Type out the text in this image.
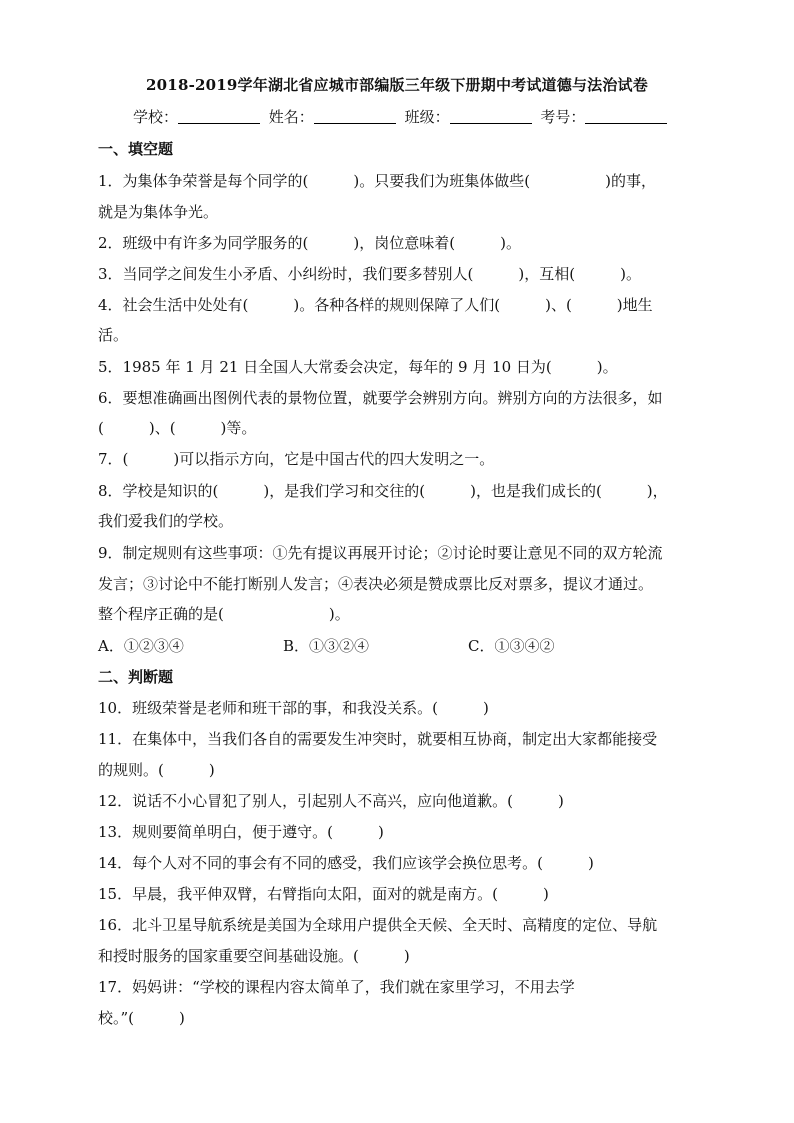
2018-2019学年湖北省应城市部编版三年级下册期中考试道德与法治试卷
学校：	姓名：	班级：	考号：
一、填空题
1．为集体争荣誉是每个同学的(　　　)。只要我们为班集体做些(　　　　　)的事，
就是为集体争光。
2．班级中有许多为同学服务的(　　　)，岗位意味着(　　　)。
3．当同学之间发生小矛盾、小纠纷时，我们要多替别人(　　　)，互相(　　　)。
4．社会生活中处处有(　　　)。各种各样的规则保障了人们(　　　)、(　　　)地生
活。
5．1985 年 1 月 21 日全国人大常委会决定，每年的 9 月 10 日为(　　　)。
6．要想准确画出图例代表的景物位置，就要学会辨别方向。辨别方向的方法很多，如
(　　　)、(　　　)等。
7．(　　　)可以指示方向，它是中国古代的四大发明之一。
8．学校是知识的(　　　)，是我们学习和交往的(　　　)，也是我们成长的(　　　)，
我们爱我们的学校。
9．制定规则有这些事项：①先有提议再展开讨论；②讨论时要让意见不同的双方轮流
发言；③讨论中不能打断别人发言；④表决必须是赞成票比反对票多，提议才通过。
整个程序正确的是(　　　　　　　)。
A．①②③④	B．①③②④	C．①③④②
二、判断题
10．班级荣誉是老师和班干部的事，和我没关系。(　　　)
11．在集体中，当我们各自的需要发生冲突时，就要相互协商，制定出大家都能接受
的规则。(　　　)
12．说话不小心冒犯了别人，引起别人不高兴，应向他道歉。(　　　)
13．规则要简单明白，便于遵守。(　　　)
14．每个人对不同的事会有不同的感受，我们应该学会换位思考。(　　　)
15．早晨，我平伸双臂，右臂指向太阳，面对的就是南方。(　　　)
16．北斗卫星导航系统是美国为全球用户提供全天候、全天时、高精度的定位、导航
和授时服务的国家重要空间基础设施。(　　　)
17．妈妈讲：“学校的课程内容太简单了，我们就在家里学习，不用去学
校。”(　　　)
